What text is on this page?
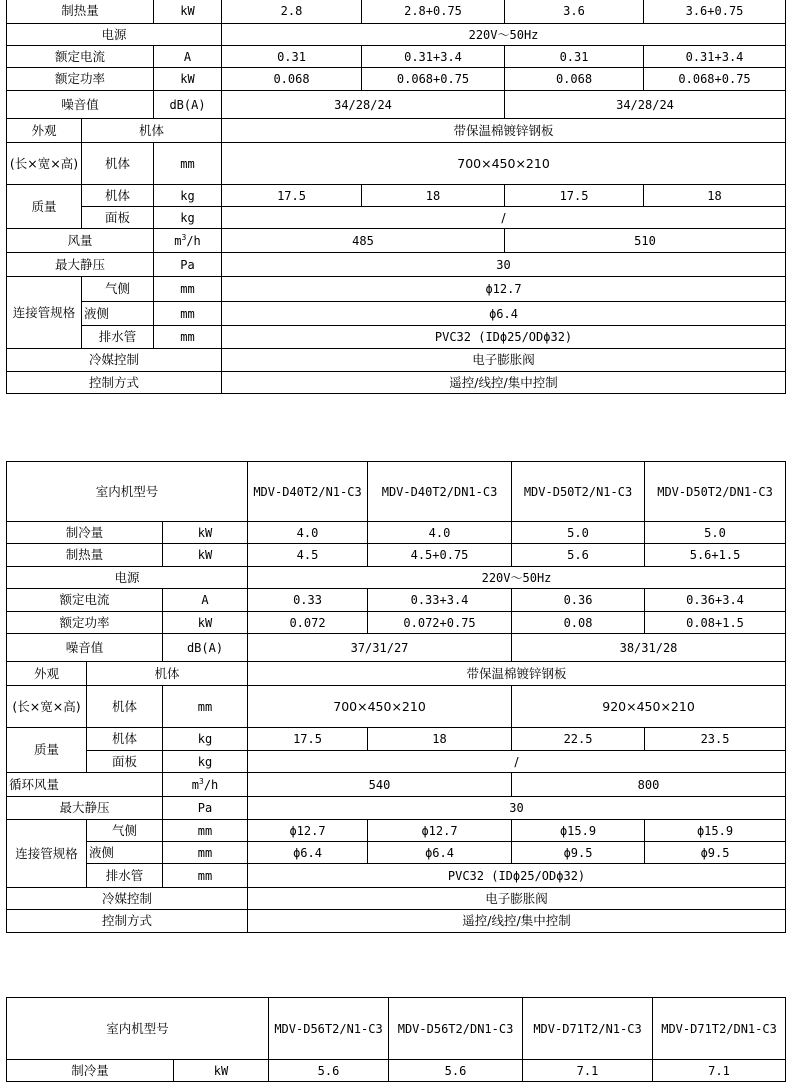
制热量		kW	2.8	2.8+0.75	3.6	3.6+0.75
电源			220V～50Hz			
额定电流		A	0.31	0.31+3.4	0.31	0.31+3.4
额定功率		kW	0.068	0.068+0.75	0.068	0.068+0.75
噪音值		dB(A)	34/28/24		34/28/24	
外观	机体		带保温棉镀锌钢板			
(长×宽×高)	机体	mm	700×450×210			
质量	机体	kg	17.5	18	17.5	18
	面板	kg	/			
风量		$m^3/h$	485		510	
最大静压		Pa	30			
连接管规格	气侧	mm	ϕ12.7			
	液侧	mm	ϕ6.4			
	排水管	mm	PVC32 (IDϕ25/ODϕ32)			
冷媒控制			电子膨胀阀			
控制方式			遥控/线控/集中控制			
室内机型号			MDV-D40T2/N1-C3	MDV-D40T2/DN1-C3	MDV-D50T2/N1-C3	MDV-D50T2/DN1-C3
制冷量		kW	4.0	4.0	5.0	5.0
制热量		kW	4.5	4.5+0.75	5.6	5.6+1.5
电源			220V～50Hz			
额定电流		A	0.33	0.33+3.4	0.36	0.36+3.4
额定功率		kW	0.072	0.072+0.75	0.08	0.08+1.5
噪音值		dB(A)	37/31/27		38/31/28	
外观	机体		带保温棉镀锌钢板			
(长×宽×高)	机体	mm	700×450×210		920×450×210	
质量	机体	kg	17.5	18	22.5	23.5
	面板	kg	/			
循环风量		$m^3/h$	540		800	
最大静压		Pa	30			
连接管规格	气侧	mm	ϕ12.7	ϕ12.7	ϕ15.9	ϕ15.9
	液侧	mm	ϕ6.4	ϕ6.4	ϕ9.5	ϕ9.5
	排水管	mm	PVC32 (IDϕ25/ODϕ32)			
冷媒控制			电子膨胀阀			
控制方式			遥控/线控/集中控制			
室内机型号		MDV-D56T2/N1-C3	MDV-D56T2/DN1-C3	MDV-D71T2/N1-C3	MDV-D71T2/DN1-C3
制冷量	kW	5.6	5.6	7.1	7.1
